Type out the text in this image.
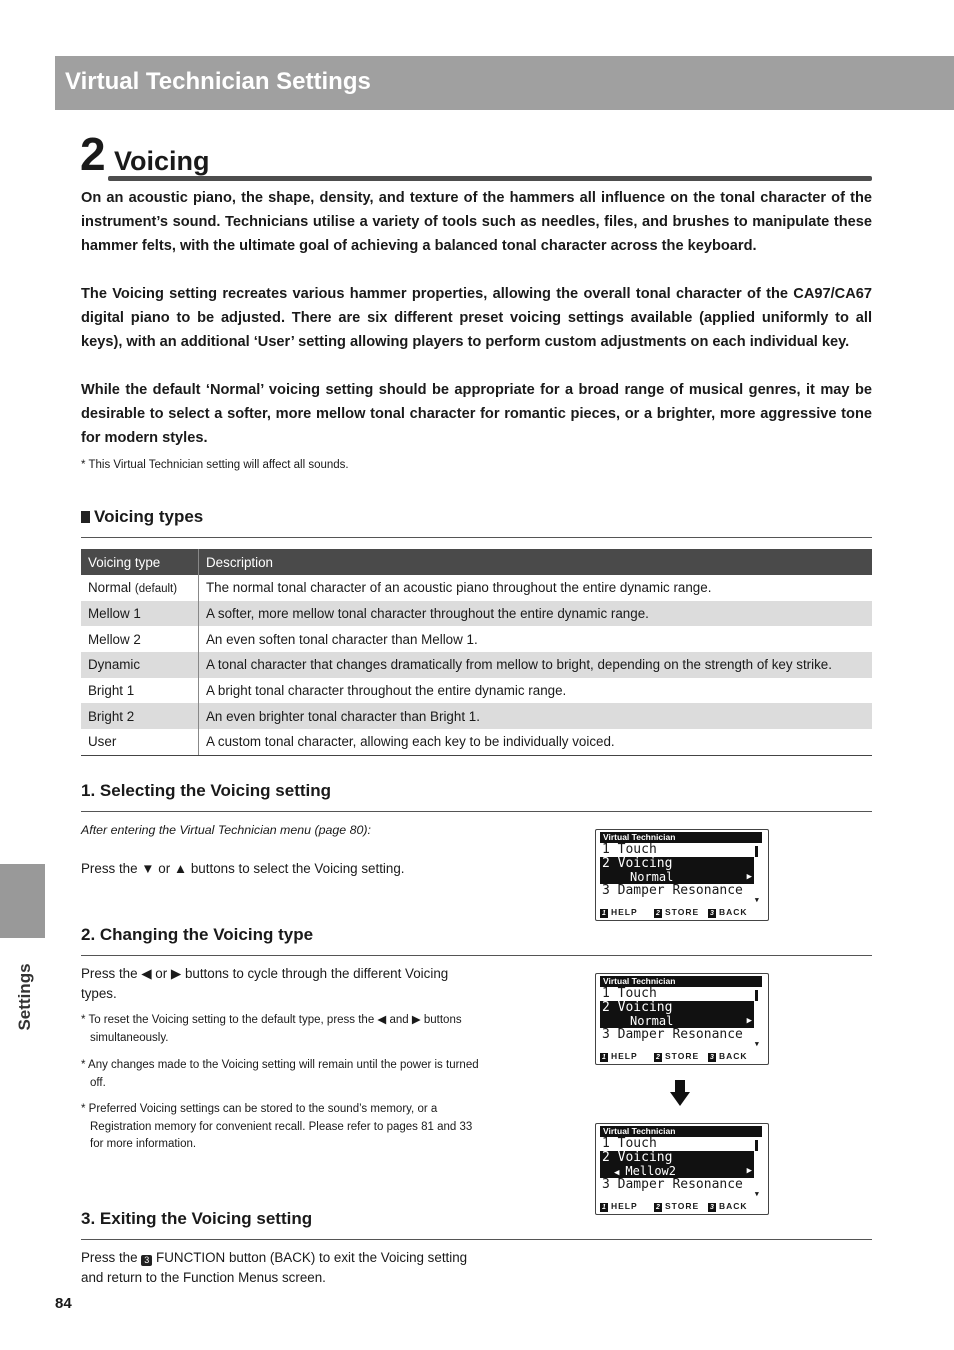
Virtual Technician Settings
2 Voicing

On an acoustic piano, the shape, density, and texture of the hammers all influence on the tonal character of the instrument’s sound. Technicians utilise a variety of tools such as needles, files, and brushes to manipulate these hammer felts, with the ultimate goal of achieving a balanced tonal character across the keyboard.

The Voicing setting recreates various hammer properties, allowing the overall tonal character of the CA97/CA67 digital piano to be adjusted. There are six different preset voicing settings available (applied uniformly to all keys), with an additional ‘User’ setting allowing players to perform custom adjustments on each individual key.

While the default ‘Normal’ voicing setting should be appropriate for a broad range of musical genres, it may be desirable to select a softer, more mellow tonal character for romantic pieces, or a brighter, more aggressive tone for modern styles.

* This Virtual Technician setting will affect all sounds.

Voicing types
Voicing type	Description
Normal (default)	The normal tonal character of an acoustic piano throughout the entire dynamic range.
Mellow 1	A softer, more mellow tonal character throughout the entire dynamic range.
Mellow 2	An even soften tonal character than Mellow 1.
Dynamic	A tonal character that changes dramatically from mellow to bright, depending on the strength of key strike.
Bright 1	A bright tonal character throughout the entire dynamic range.
Bright 2	An even brighter tonal character than Bright 1.
User	A custom tonal character, allowing each key to be individually voiced.
1. Selecting the Voicing setting

After entering the Virtual Technician menu (page 80):

Press the ▼ or ▲ buttons to select the Voicing setting.

Virtual Technician
1 Touch
2 Voicing
Normal	▶
3 Damper Resonance
▼
1 HELP	2 STORE	3 BACK
2. Changing the Voicing type

Press the ◀ or ▶ buttons to cycle through the different Voicing types.

* To reset the Voicing setting to the default type, press the ◀ and ▶ buttons simultaneously.

* Any changes made to the Voicing setting will remain until the power is turned off.

* Preferred Voicing settings can be stored to the sound’s memory, or a Registration memory for convenient recall. Please refer to pages 81 and 33 for more information.

Virtual Technician
1 Touch
2 Voicing
Normal	▶
3 Damper Resonance
▼
1 HELP	2 STORE	3 BACK
Virtual Technician
1 Touch
2 Voicing
◀ Mellow2	▶
3 Damper Resonance
▼
1 HELP	2 STORE	3 BACK
3. Exiting the Voicing setting

Press the 3 FUNCTION button (BACK) to exit the Voicing setting and return to the Function Menus screen.

Settings
84
